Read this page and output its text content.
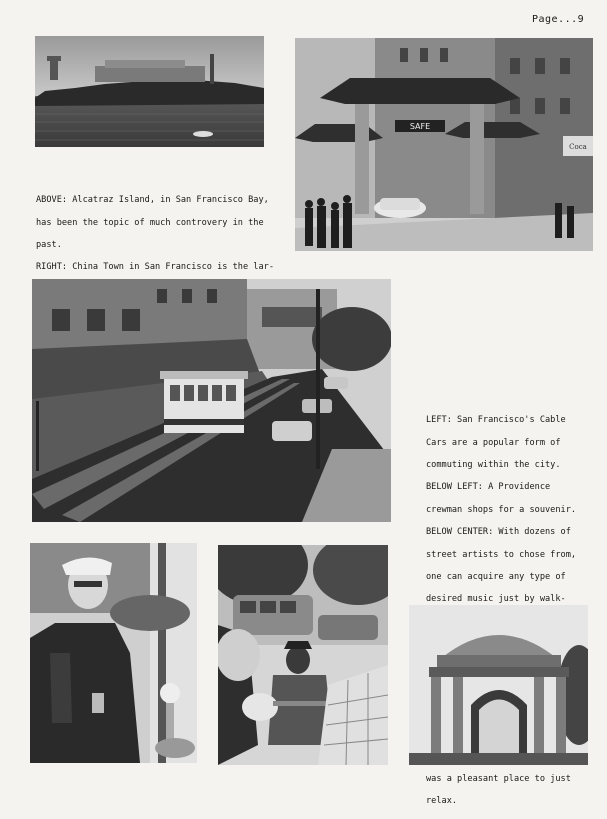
Page...9
SAFE
Coca

ABOVE: Alcatraz Island, in San Francisco Bay,

has been the topic of much controvery in the

past.

RIGHT: China Town in San Francisco is the lar-

LEFT: San Francisco's Cable

Cars are a popular form of

commuting within the city.

BELOW LEFT: A Providence

crewman shops for a souvenir.

BELOW CENTER: With dozens of

street artists to chose from,

one can acquire any type of

desired music just by walk-

was a pleasant place to just

relax.
